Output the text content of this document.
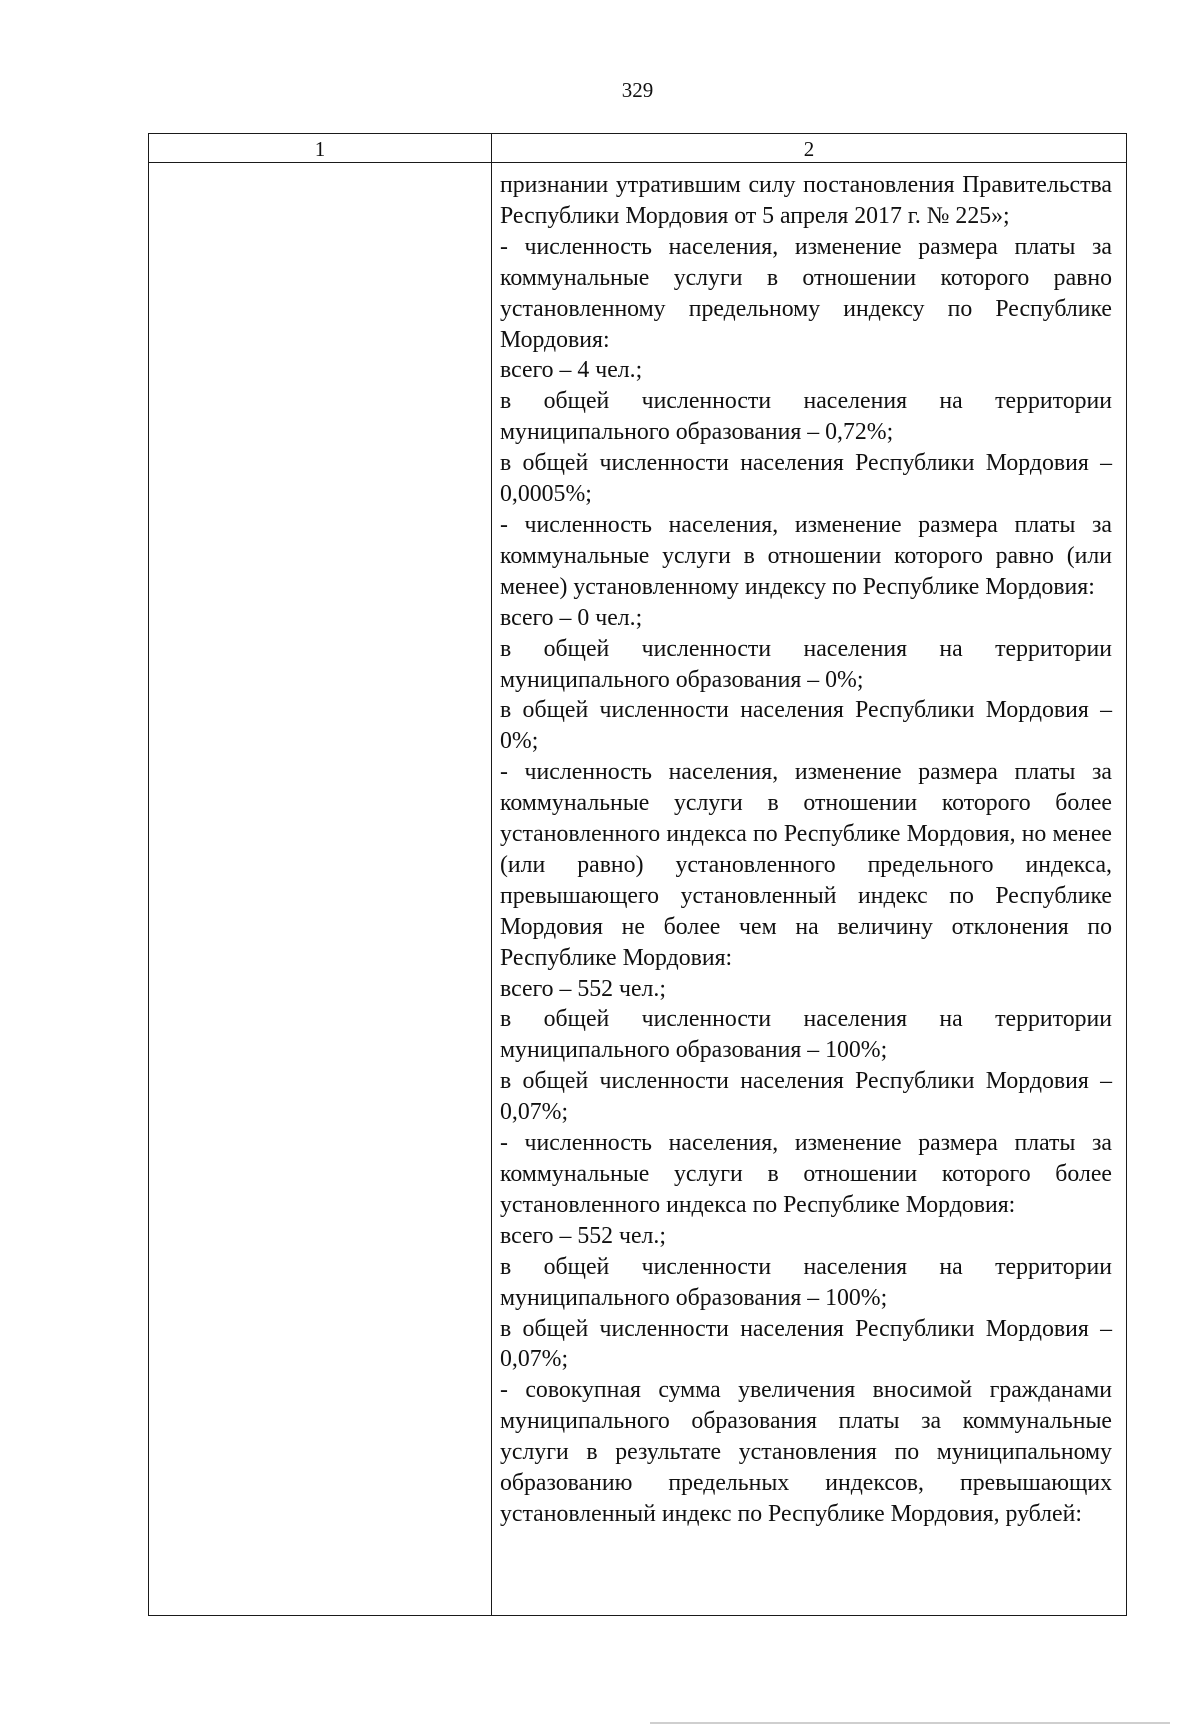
329
1	2
признании утратившим силу постановления Правительства Республики Мордовия от 5 апреля 2017 г. № 225»;
- численность населения, изменение размера платы за коммунальные услуги в отношении которого равно установленному предельному индексу по Республике Мордовия:
всего – 4 чел.;
в общей численности населения на территории муниципального образования – 0,72%;
в общей численности населения Республики Мордовия – 0,0005%;
- численность населения, изменение размера платы за коммунальные услуги в отношении которого равно (или менее) установленному индексу по Республике Мордовия:
всего – 0 чел.;
в общей численности населения на территории муниципального образования – 0%;
в общей численности населения Республики Мордовия – 0%;
- численность населения, изменение размера платы за коммунальные услуги в отношении которого более установленного индекса по Республике Мордовия, но менее (или равно) установленного предельного индекса, превышающего установленный индекс по Республике Мордовия не более чем на величину отклонения по Республике Мордовия:
всего – 552 чел.;
в общей численности населения на территории муниципального образования – 100%;
в общей численности населения Республики Мордовия – 0,07%;
- численность населения, изменение размера платы за коммунальные услуги в отношении которого более установленного индекса по Республике Мордовия:
всего – 552 чел.;
в общей численности населения на территории муниципального образования – 100%;
в общей численности населения Республики Мордовия – 0,07%;
- совокупная сумма увеличения вносимой гражданами муниципального образования платы за коммунальные услуги в результате установления по муниципальному образованию предельных индексов, превышающих установленный индекс по Республике Мордовия, рублей:
